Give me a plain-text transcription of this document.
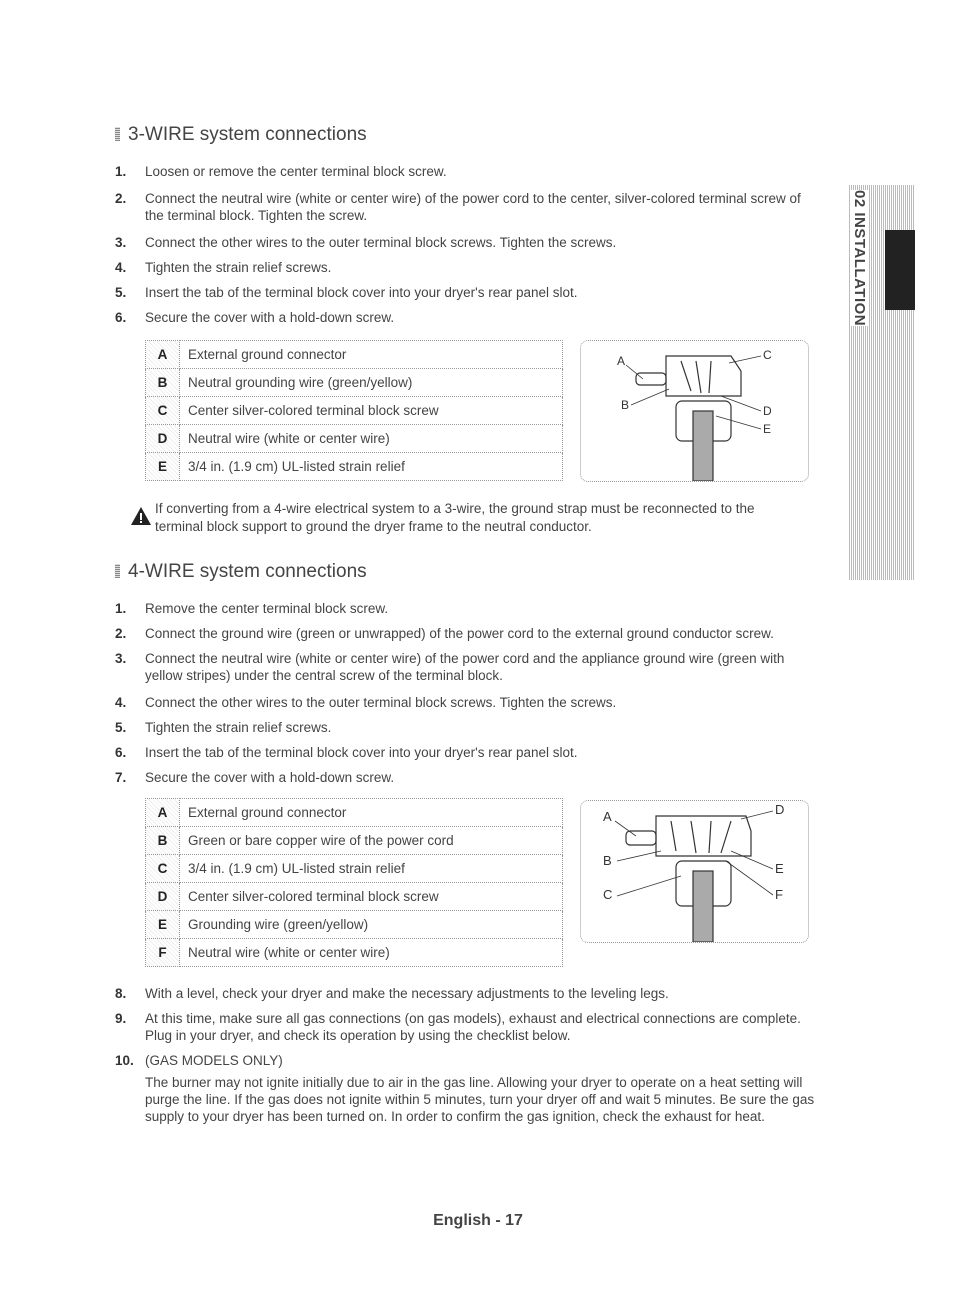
3-WIRE system connections
1. Loosen or remove the center terminal block screw.
2. Connect the neutral wire (white or center wire) of the power cord to the center, silver-colored terminal screw of the terminal block. Tighten the screw.
3. Connect the other wires to the outer terminal block screws. Tighten the screws.
4. Tighten the strain relief screws.
5. Insert the tab of the terminal block cover into your dryer's rear panel slot.
6. Secure the cover with a hold-down screw.
A	External ground connector
B	Neutral grounding wire (green/yellow)
C	Center silver-colored terminal block screw
D	Neutral wire (white or center wire)
E	3/4 in. (1.9 cm) UL-listed strain relief
A
B
C
D
E
If converting from a 4-wire electrical system to a 3-wire, the ground strap must be reconnected to the terminal block support to ground the dryer frame to the neutral conductor.
4-WIRE system connections
1. Remove the center terminal block screw.
2. Connect the ground wire (green or unwrapped) of the power cord to the external ground conductor screw.
3. Connect the neutral wire (white or center wire) of the power cord and the appliance ground wire (green with yellow stripes) under the central screw of the terminal block.
4. Connect the other wires to the outer terminal block screws. Tighten the screws.
5. Tighten the strain relief screws.
6. Insert the tab of the terminal block cover into your dryer's rear panel slot.
7. Secure the cover with a hold-down screw.
A	External ground connector
B	Green or bare copper wire of the power cord
C	3/4 in. (1.9 cm) UL-listed strain relief
D	Center silver-colored terminal block screw
E	Grounding wire (green/yellow)
F	Neutral wire (white or center wire)
A
B
C
D
E
F
8. With a level, check your dryer and make the necessary adjustments to the leveling legs.
9. At this time, make sure all gas connections (on gas models), exhaust and electrical connections are complete. Plug in your dryer, and check its operation by using the checklist below.
10. (GAS MODELS ONLY)
The burner may not ignite initially due to air in the gas line. Allowing your dryer to operate on a heat setting will purge the line. If the gas does not ignite within 5 minutes, turn your dryer off and wait 5 minutes. Be sure the gas supply to your dryer has been turned on. In order to confirm the gas ignition, check the exhaust for heat.
02 INSTALLATION
English - 17
